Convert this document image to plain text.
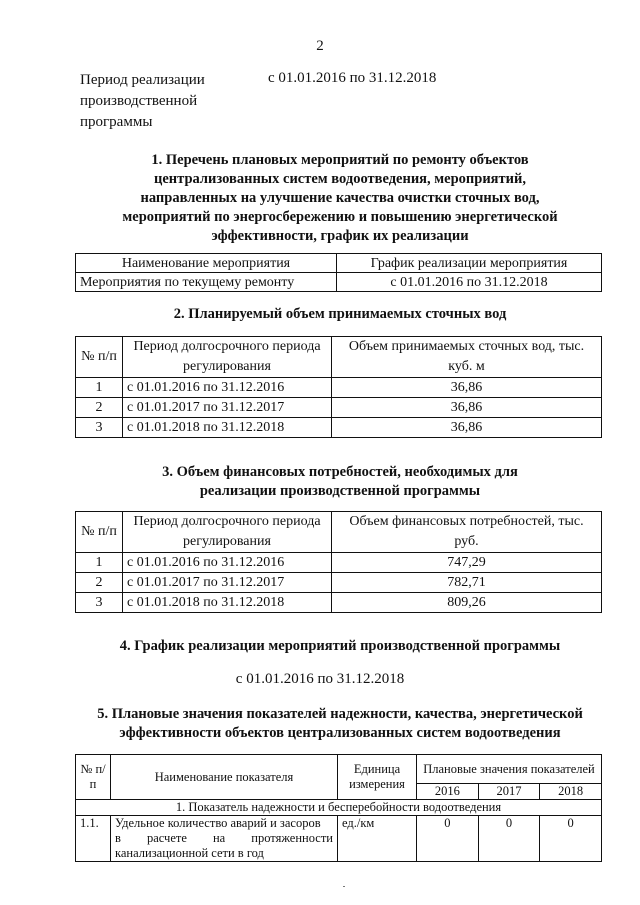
2
Период реализации
производственной
программы
с 01.01.2016 по 31.12.2018
1. Перечень плановых мероприятий по ремонту объектов
централизованных систем водоотведения, мероприятий,
направленных на улучшение качества очистки сточных вод,
мероприятий по энергосбережению и повышению энергетической
эффективности, график их реализации
Наименование мероприятия	График реализации мероприятия
Мероприятия по текущему ремонту	с 01.01.2016 по 31.12.2018
2. Планируемый объем принимаемых сточных вод
№ п/п	Период долгосрочного периода регулирования	Объем принимаемых сточных вод, тыс. куб. м
1	с 01.01.2016 по 31.12.2016	36,86
2	с 01.01.2017 по 31.12.2017	36,86
3	с 01.01.2018 по 31.12.2018	36,86
3. Объем финансовых потребностей, необходимых для
реализации производственной программы
№ п/п	Период долгосрочного периода регулирования	Объем финансовых потребностей, тыс. руб.
1	с 01.01.2016 по 31.12.2016	747,29
2	с 01.01.2017 по 31.12.2017	782,71
3	с 01.01.2018 по 31.12.2018	809,26
4. График реализации мероприятий производственной программы
с 01.01.2016 по 31.12.2018
5. Плановые значения показателей надежности, качества, энергетической
эффективности объектов централизованных систем водоотведения
№ п/п	Наименование показателя	Единица измерения	Плановые значения показателей		
			2016	2017	2018
1. Показатель надежности и бесперебойности водоотведения					
1.1.	Удельное количество аварий и засоров
в расчете на протяженности
канализационной сети в год	ед./км	0	0	0
